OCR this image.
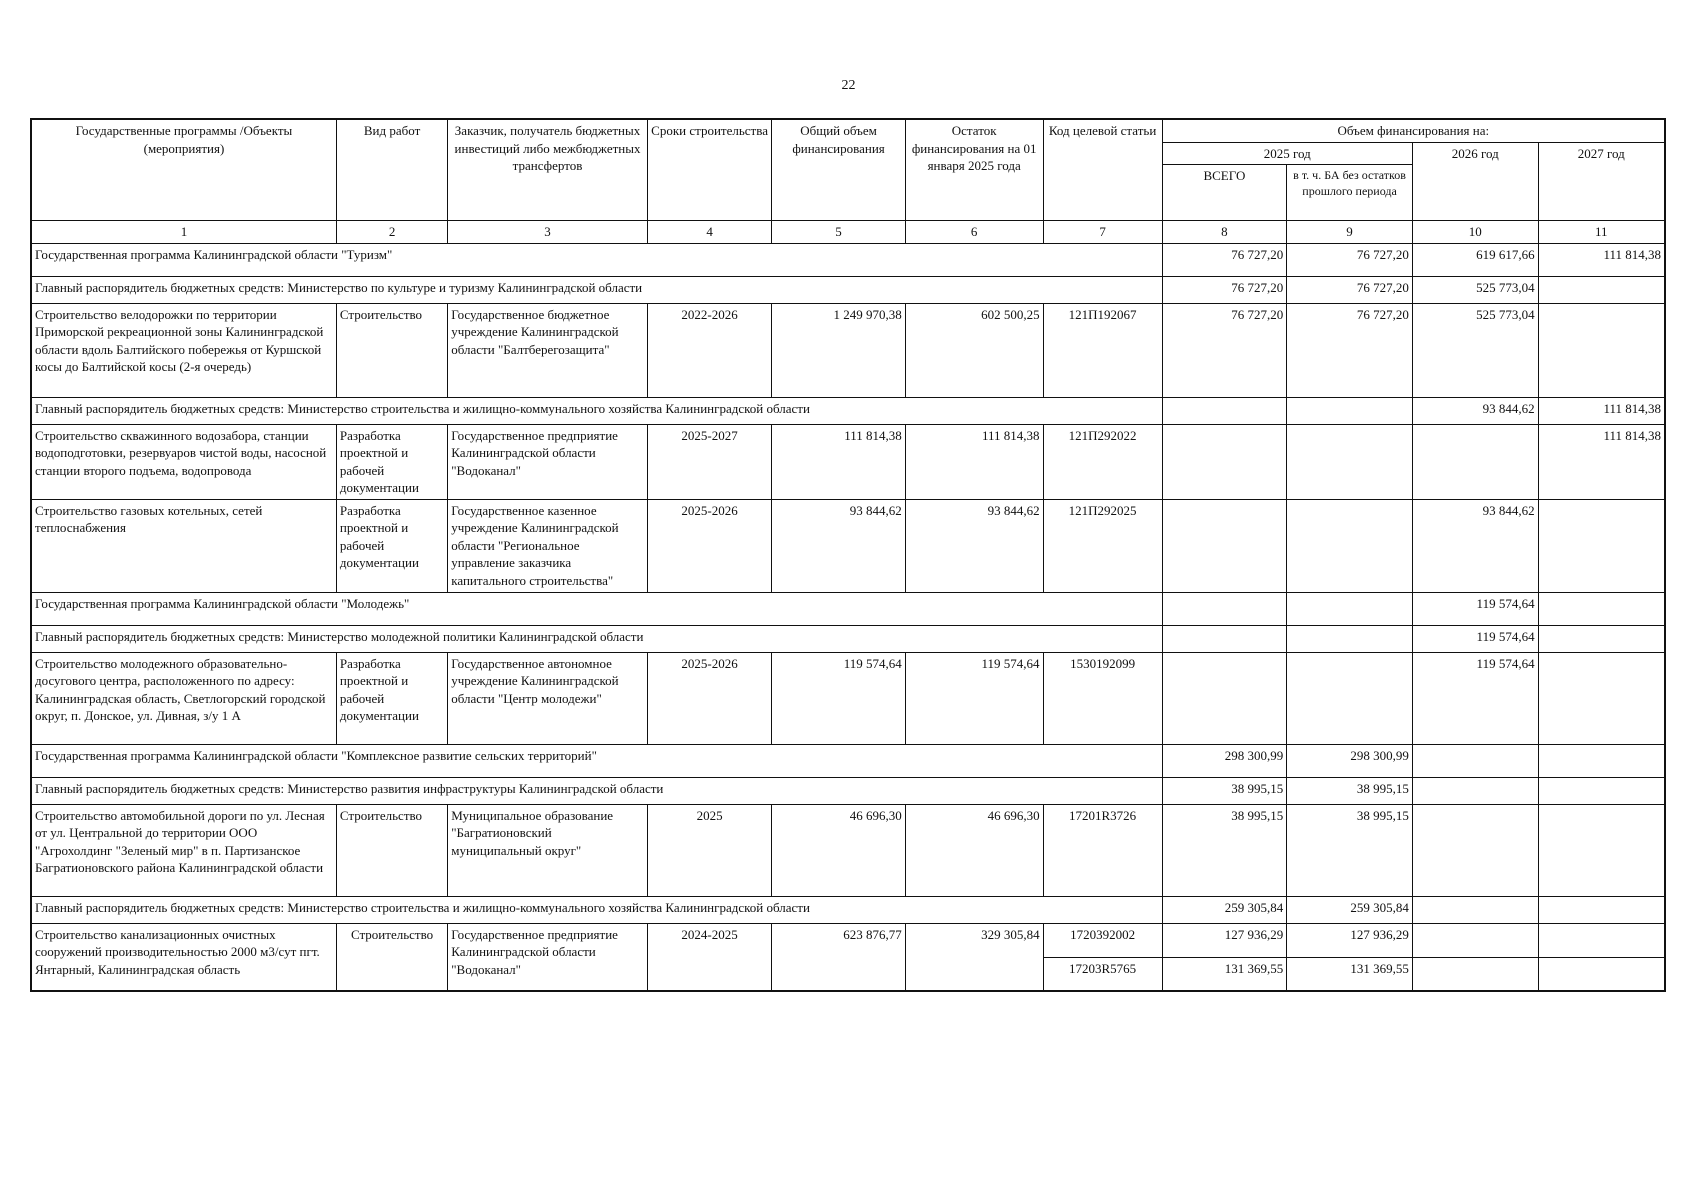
22
Государственные программы /Объекты (мероприятия)	Вид работ	Заказчик, получатель бюджетных инвестиций либо межбюджетных трансфертов	Сроки строительства	Общий объем финансирования	Остаток финансирования на 01 января 2025 года	Код целевой статьи	Объем финансирования на:			
							2025 год		2026 год	2027 год
							ВСЕГО	в т. ч. БА без остатков прошлого периода		
1	2	3	4	5	6	7	8	9	10	11
Государственная программа Калининградской области "Туризм"							76 727,20	76 727,20	619 617,66	111 814,38
Главный распорядитель бюджетных средств: Министерство по культуре и туризму Калининградской области							76 727,20	76 727,20	525 773,04	
Строительство велодорожки по территории Приморской рекреационной зоны Калининградской области вдоль Балтийского побережья от Куршской косы до Балтийской косы (2-я очередь)	Строительство	Государственное бюджетное учреждение Калининградской области "Балтберегозащита"	2022-2026	1 249 970,38	602 500,25	121П192067	76 727,20	76 727,20	525 773,04	
Главный распорядитель бюджетных средств: Министерство строительства и жилищно-коммунального хозяйства Калининградской области									93 844,62	111 814,38
Строительство скважинного водозабора, станции водоподготовки, резервуаров чистой воды, насосной станции второго подъема, водопровода	Разработка проектной и рабочей документации	Государственное предприятие Калининградской области "Водоканал"	2025-2027	111 814,38	111 814,38	121П292022				111 814,38
Строительство газовых котельных, сетей теплоснабжения	Разработка проектной и рабочей документации	Государственное казенное учреждение Калининградской области "Региональное управление заказчика капитального строительства"	2025-2026	93 844,62	93 844,62	121П292025			93 844,62	
Государственная программа Калининградской области "Молодежь"									119 574,64	
Главный распорядитель бюджетных средств: Министерство молодежной политики Калининградской области									119 574,64	
Строительство молодежного образовательно-досугового центра, расположенного по адресу: Калининградская область, Светлогорский городской округ, п. Донское, ул. Дивная, з/у 1 А	Разработка проектной и рабочей документации	Государственное автономное учреждение Калининградской области "Центр молодежи"	2025-2026	119 574,64	119 574,64	1530192099			119 574,64	
Государственная программа Калининградской области "Комплексное развитие сельских территорий"							298 300,99	298 300,99		
Главный распорядитель бюджетных средств: Министерство развития инфраструктуры Калининградской области							38 995,15	38 995,15		
Строительство автомобильной дороги по ул. Лесная от ул. Центральной до территории ООО "Агрохолдинг "Зеленый мир" в п. Партизанское Багратионовского района Калининградской области	Строительство	Муниципальное образование "Багратионовский муниципальный округ"	2025	46 696,30	46 696,30	17201R3726	38 995,15	38 995,15		
Главный распорядитель бюджетных средств: Министерство строительства и жилищно-коммунального хозяйства Калининградской области							259 305,84	259 305,84		
Строительство канализационных очистных сооружений производительностью 2000 м3/сут пгт. Янтарный, Калининградская область	Строительство	Государственное предприятие Калининградской области "Водоканал"	2024-2025	623 876,77	329 305,84	1720392002	127 936,29	127 936,29		
						17203R5765	131 369,55	131 369,55		
